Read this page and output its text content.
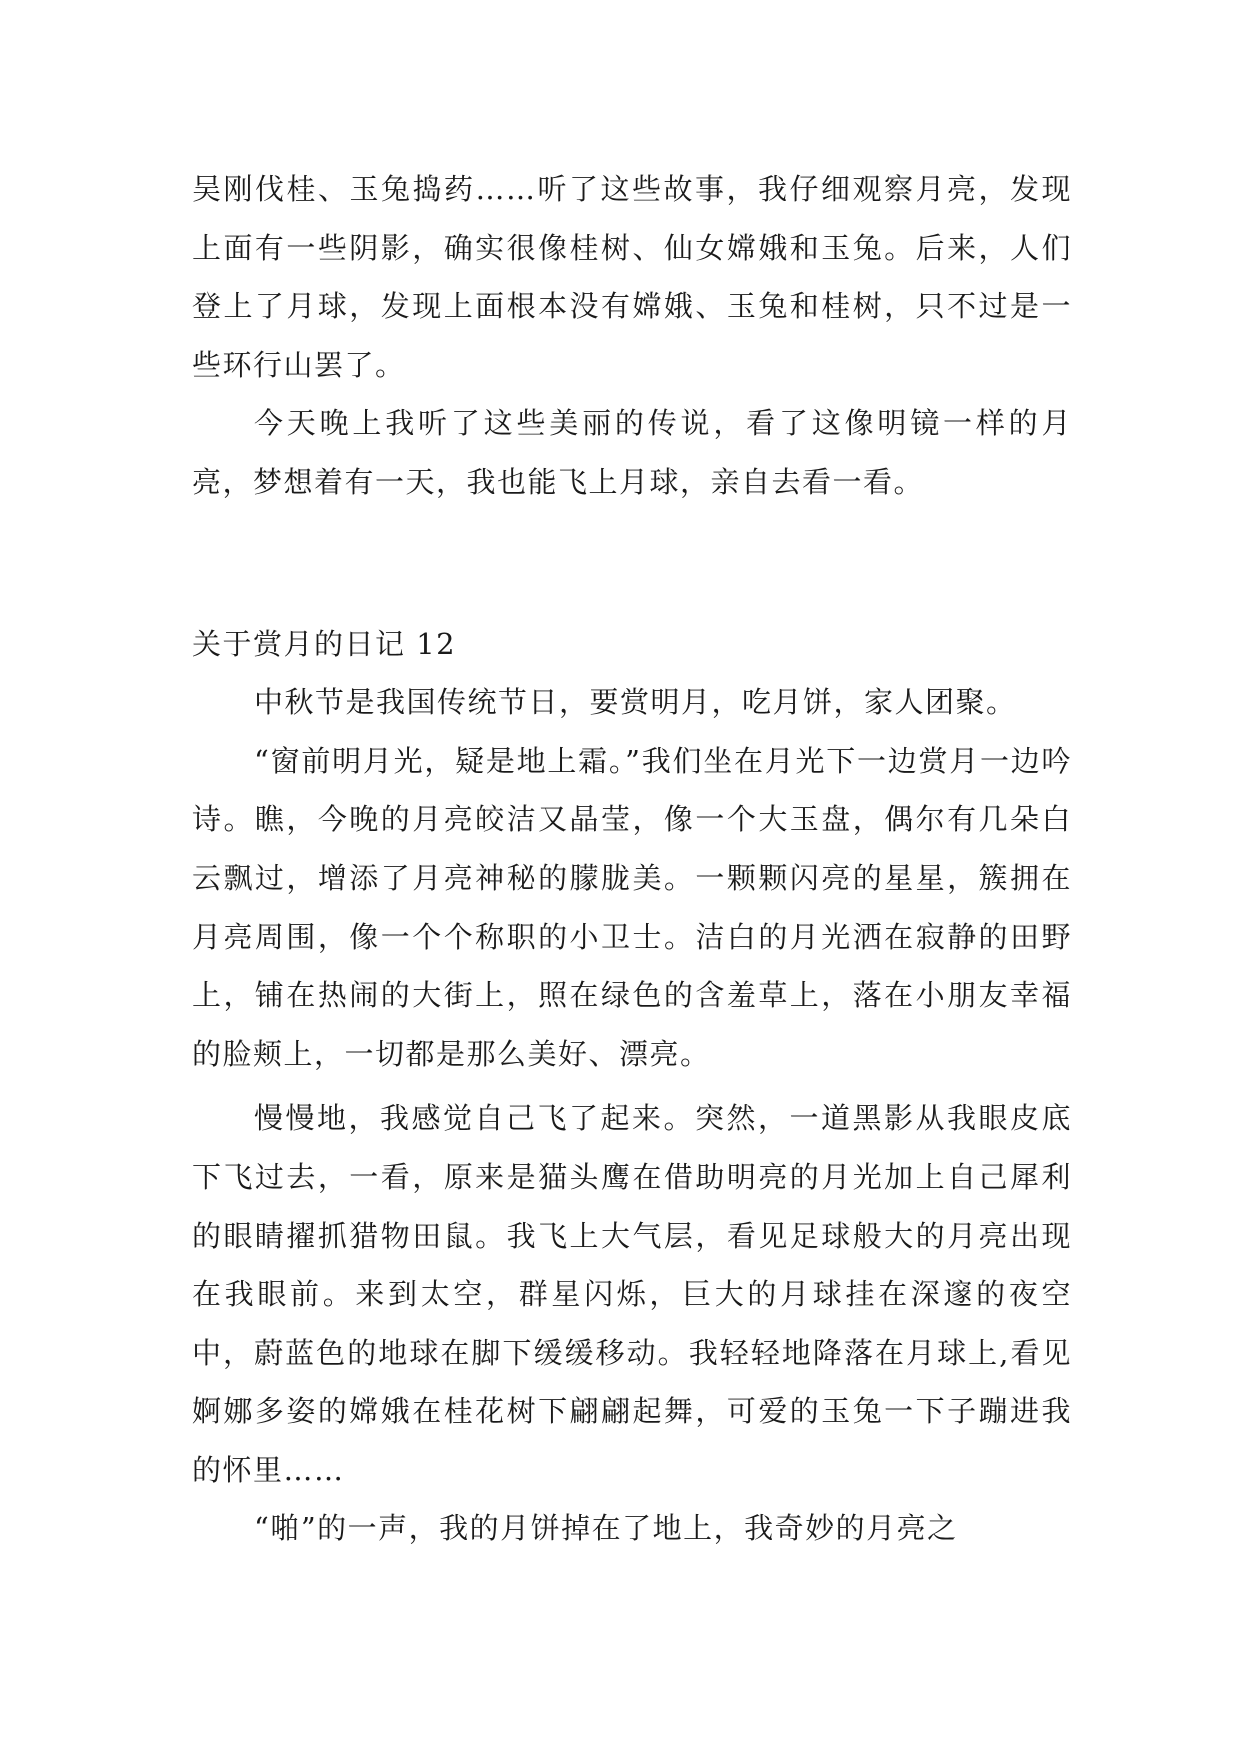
吴刚伐桂、玉兔捣药……听了这些故事，我仔细观察月亮，发现上面有一些阴影，确实很像桂树、仙女嫦娥和玉兔。后来，人们登上了月球，发现上面根本没有嫦娥、玉兔和桂树，只不过是一些环行山罢了。

今天晚上我听了这些美丽的传说，看了这像明镜一样的月亮，梦想着有一天，我也能飞上月球，亲自去看一看。

关于赏月的日记 12

中秋节是我国传统节日，要赏明月，吃月饼，家人团聚。

“窗前明月光，疑是地上霜。”我们坐在月光下一边赏月一边吟诗。瞧，今晚的月亮皎洁又晶莹，像一个大玉盘，偶尔有几朵白云飘过，增添了月亮神秘的朦胧美。一颗颗闪亮的星星，簇拥在月亮周围，像一个个称职的小卫士。洁白的月光洒在寂静的田野上，铺在热闹的大街上，照在绿色的含羞草上，落在小朋友幸福的脸颊上，一切都是那么美好、漂亮。

慢慢地，我感觉自己飞了起来。突然，一道黑影从我眼皮底下飞过去，一看，原来是猫头鹰在借助明亮的月光加上自己犀利的眼睛擢抓猎物田鼠。我飞上大气层，看见足球般大的月亮出现在我眼前。来到太空，群星闪烁，巨大的月球挂在深邃的夜空中，蔚蓝色的地球在脚下缓缓移动。我轻轻地降落在月球上,看见婀娜多姿的嫦娥在桂花树下翩翩起舞，可爱的玉兔一下子蹦进我的怀里……

“啪”的一声，我的月饼掉在了地上，我奇妙的月亮之
